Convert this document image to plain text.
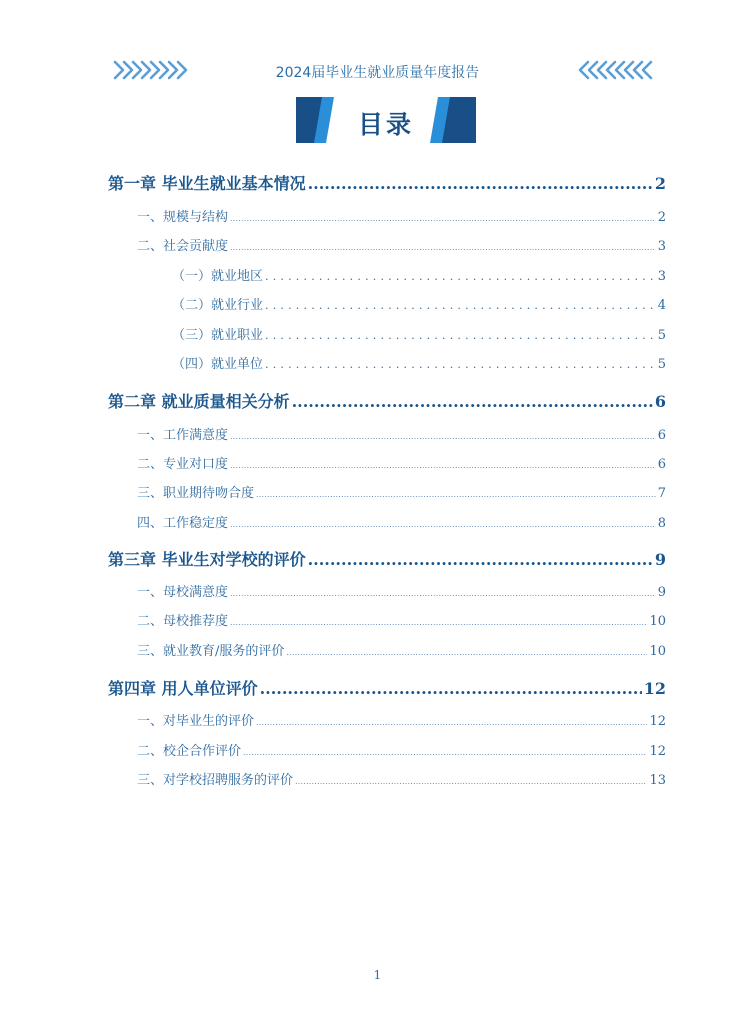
2024届毕业生就业质量年度报告
目录
第一章 毕业生就业基本情况 .....	2
一、规模与结构 .....	2
二、社会贡献度 .....	3
（一）就业地区 .....	3
（二）就业行业 .....	4
（三）就业职业 .....	5
（四）就业单位 .....	5
第二章 就业质量相关分析 .....	6
一、工作满意度 .....	6
二、专业对口度 .....	6
三、职业期待吻合度 .....	7
四、工作稳定度 .....	8
第三章 毕业生对学校的评价 .....	9
一、母校满意度 .....	9
二、母校推荐度 .....	10
三、就业教育/服务的评价 .....	10
第四章 用人单位评价 .....	12
一、对毕业生的评价 .....	12
二、校企合作评价 .....	12
三、对学校招聘服务的评价 .....	13
1
